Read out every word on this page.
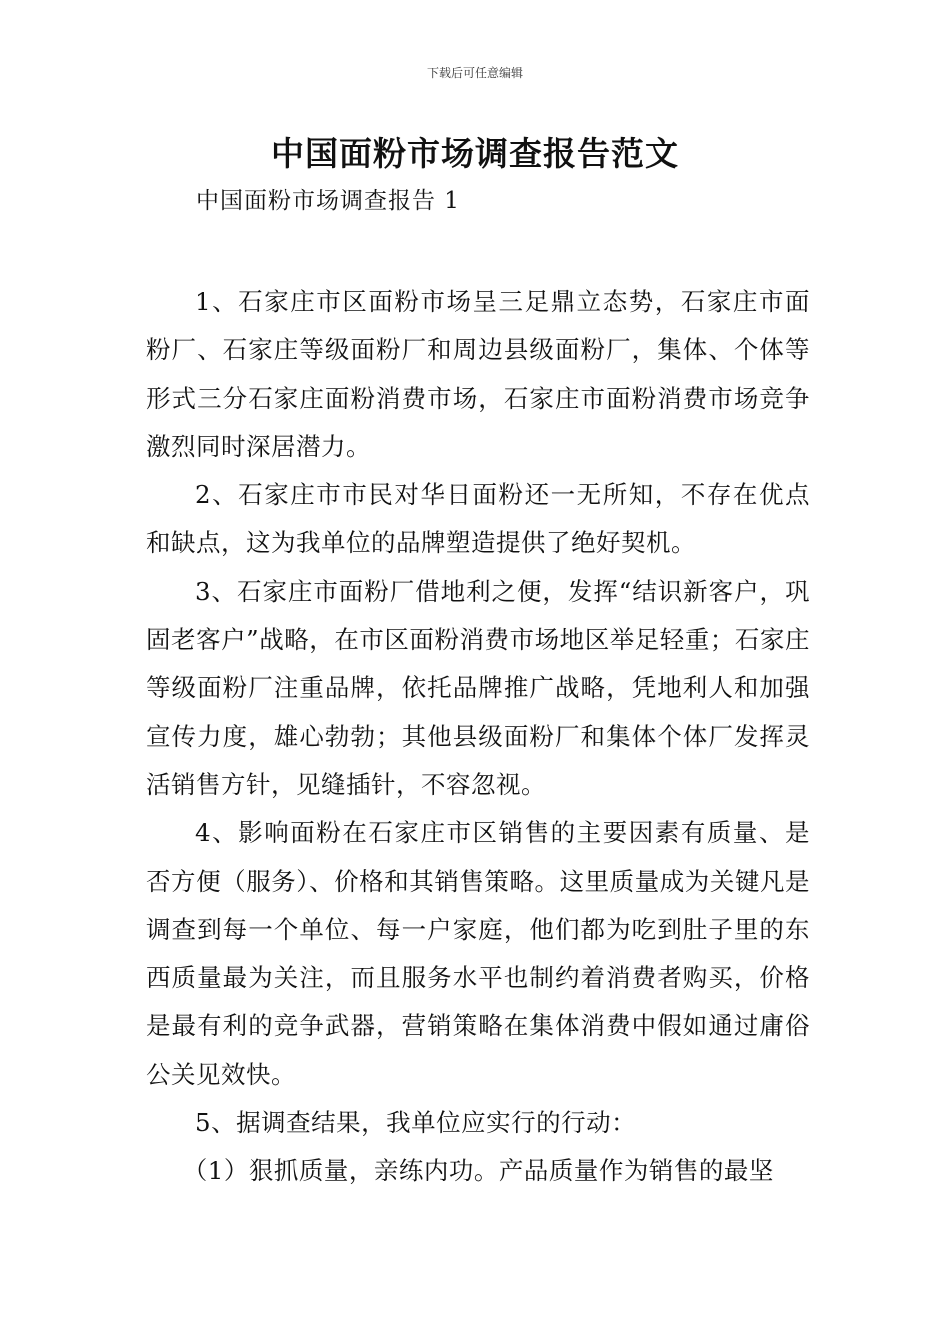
下载后可任意编辑
中国面粉市场调查报告范文
中国面粉市场调查报告 1

1、石家庄市区面粉市场呈三足鼎立态势，石家庄市面粉厂、石家庄等级面粉厂和周边县级面粉厂，集体、个体等形式三分石家庄面粉消费市场，石家庄市面粉消费市场竞争激烈同时深居潜力。

2、石家庄市市民对华日面粉还一无所知，不存在优点和缺点，这为我单位的品牌塑造提供了绝好契机。

3、石家庄市面粉厂借地利之便，发挥“结识新客户，巩固老客户”战略，在市区面粉消费市场地区举足轻重；石家庄等级面粉厂注重品牌，依托品牌推广战略，凭地利人和加强宣传力度，雄心勃勃；其他县级面粉厂和集体个体厂发挥灵活销售方针，见缝插针，不容忽视。

4、影响面粉在石家庄市区销售的主要因素有质量、是否方便（服务）、价格和其销售策略。这里质量成为关键凡是调查到每一个单位、每一户家庭，他们都为吃到肚子里的东西质量最为关注，而且服务水平也制约着消费者购买，价格是最有利的竞争武器，营销策略在集体消费中假如通过庸俗公关见效快。

5、据调查结果，我单位应实行的行动：

（1）狠抓质量，亲练内功。产品质量作为销售的最坚
